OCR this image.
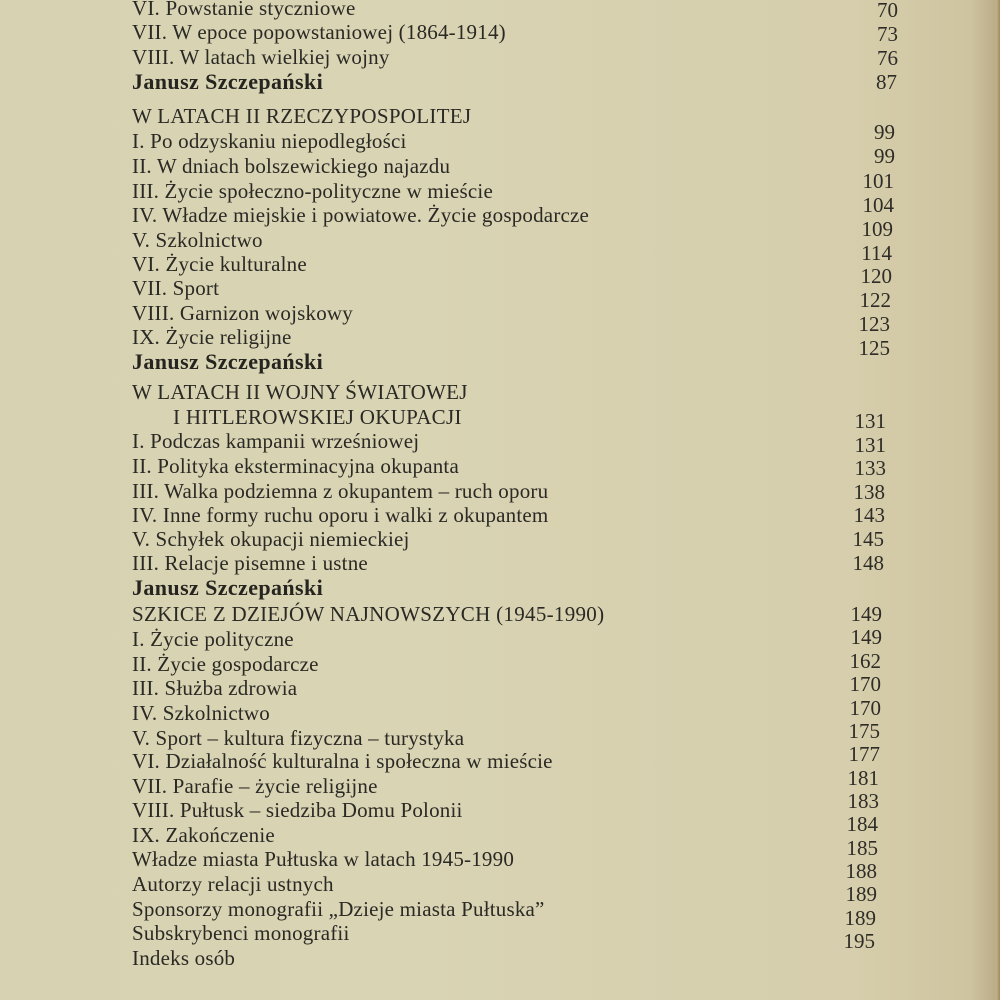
VI. Powstanie styczniowe
VII. W epoce popowstaniowej (1864-1914)
VIII. W latach wielkiej wojny
Janusz Szczepański
W LATACH II RZECZYPOSPOLITEJ
I. Po odzyskaniu niepodległości
II. W dniach bolszewickiego najazdu
III. Życie społeczno-polityczne w mieście
IV. Władze miejskie i powiatowe. Życie gospodarcze
V. Szkolnictwo
VI. Życie kulturalne
VII. Sport
VIII. Garnizon wojskowy
IX. Życie religijne
Janusz Szczepański
W LATACH II WOJNY ŚWIATOWEJ
I HITLEROWSKIEJ OKUPACJI
I. Podczas kampanii wrześniowej
II. Polityka eksterminacyjna okupanta
III. Walka podziemna z okupantem – ruch oporu
IV. Inne formy ruchu oporu i walki z okupantem
V. Schyłek okupacji niemieckiej
III. Relacje pisemne i ustne
Janusz Szczepański
SZKICE Z DZIEJÓW NAJNOWSZYCH (1945-1990)
I. Życie polityczne
II. Życie gospodarcze
III. Służba zdrowia
IV. Szkolnictwo
V. Sport – kultura fizyczna – turystyka
VI. Działalność kulturalna i społeczna w mieście
VII. Parafie – życie religijne
VIII. Pułtusk – siedziba Domu Polonii
IX. Zakończenie
Władze miasta Pułtuska w latach 1945-1990
Autorzy relacji ustnych
Sponsorzy monografii „Dzieje miasta Pułtuska”
Subskrybenci monografii
Indeks osób
70
73
76
87
99
99
101
104
109
114
120
122
123
125
131
131
133
138
143
145
148
149
149
162
170
170
175
177
181
183
184
185
188
189
189
195
